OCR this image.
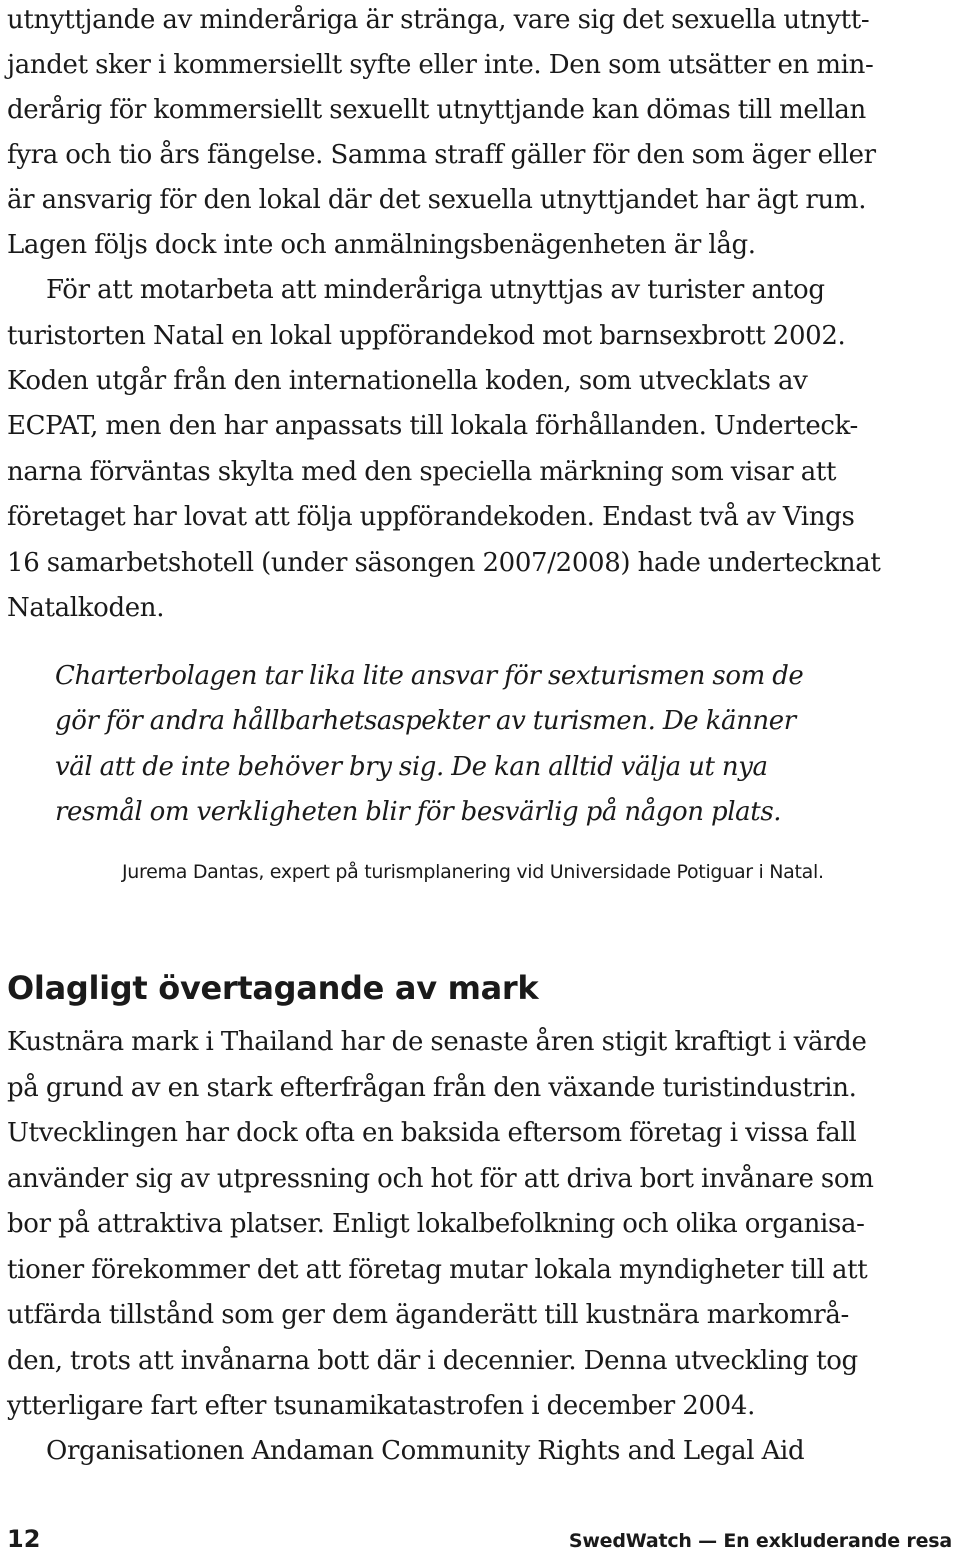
utnyttjande av minderåriga är stränga, vare sig det sexuella utnytt-
jandet sker i kommersiellt syfte eller inte. Den som utsätter en min-
derårig för kommersiellt sexuellt utnyttjande kan dömas till mellan
fyra och tio års fängelse. Samma straff gäller för den som äger eller
är ansvarig för den lokal där det sexuella utnyttjandet har ägt rum.
Lagen följs dock inte och anmälningsbenägenheten är låg.
För att motarbeta att minderåriga utnyttjas av turister antog
turistorten Natal en lokal uppförandekod mot barnsexbrott 2002.
Koden utgår från den internationella koden, som utvecklats av
ECPAT, men den har anpassats till lokala förhållanden. Underteck-
narna förväntas skylta med den speciella märkning som visar att
företaget har lovat att följa uppförandekoden. Endast två av Vings
16 samarbetshotell (under säsongen 2007/2008) hade undertecknat
Natalkoden.
Charterbolagen tar lika lite ansvar för sexturismen som de
gör för andra hållbarhetsaspekter av turismen. De känner
väl att de inte behöver bry sig. De kan alltid välja ut nya
resmål om verkligheten blir för besvärlig på någon plats.
Jurema Dantas, expert på turismplanering vid Universidade Potiguar i Natal.
Olagligt övertagande av mark
Kustnära mark i Thailand har de senaste åren stigit kraftigt i värde
på grund av en stark efterfrågan från den växande turistindustrin.
Utvecklingen har dock ofta en baksida eftersom företag i vissa fall
använder sig av utpressning och hot för att driva bort invånare som
bor på attraktiva platser. Enligt lokalbefolkning och olika organisa-
tioner förekommer det att företag mutar lokala myndigheter till att
utfärda tillstånd som ger dem äganderätt till kustnära markområ-
den, trots att invånarna bott där i decennier. Denna utveckling tog
ytterligare fart efter tsunamikatastrofen i december 2004.
Organisationen Andaman Community Rights and Legal Aid
12	SwedWatch — En exkluderande resa
